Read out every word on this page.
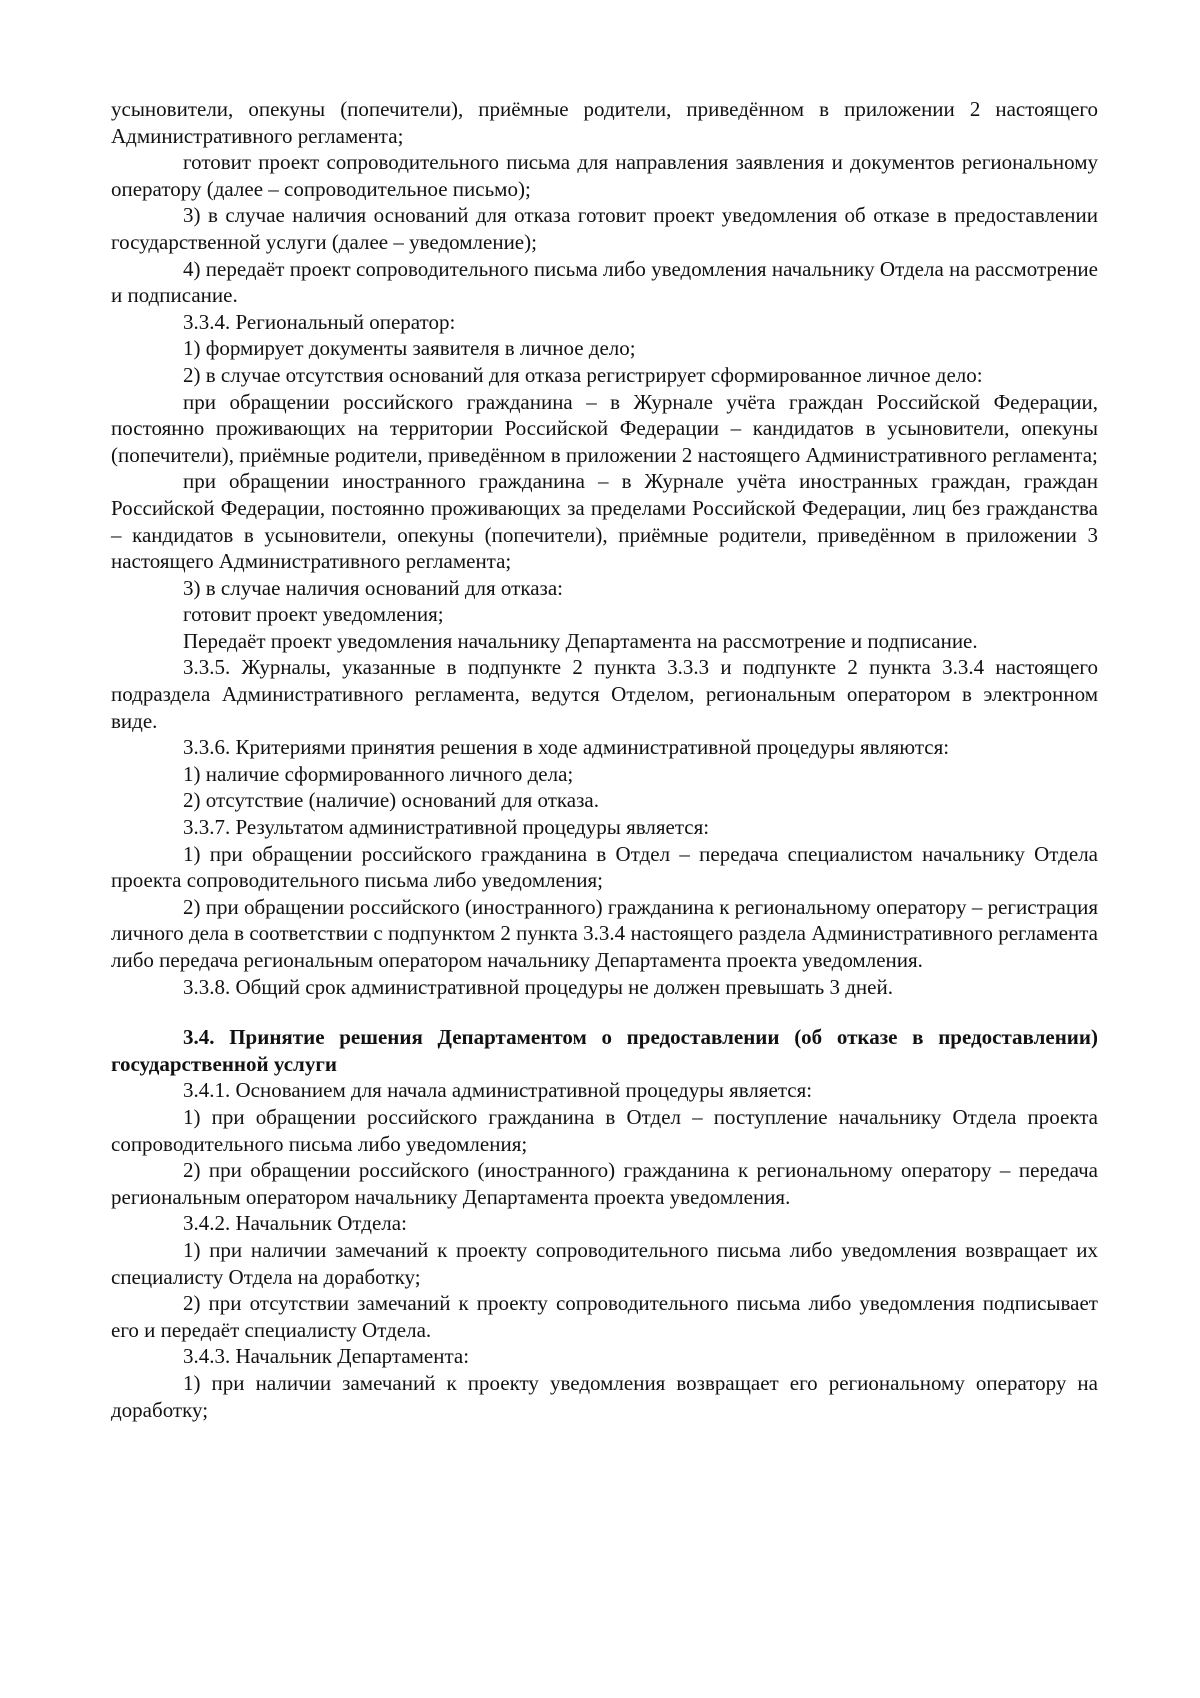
усыновители, опекуны (попечители), приёмные родители, приведённом в приложении 2 настоящего Административного регламента;

готовит проект сопроводительного письма для направления заявления и документов региональному оператору (далее – сопроводительное письмо);

3) в случае наличия оснований для отказа готовит проект уведомления об отказе в предоставлении государственной услуги (далее – уведомление);

4) передаёт проект сопроводительного письма либо уведомления начальнику Отдела на рассмотрение и подписание.

3.3.4. Региональный оператор:

1) формирует документы заявителя в личное дело;

2) в случае отсутствия оснований для отказа регистрирует сформированное личное дело:

при обращении российского гражданина – в Журнале учёта граждан Российской Федерации, постоянно проживающих на территории Российской Федерации – кандидатов в усыновители, опекуны (попечители), приёмные родители, приведённом в приложении 2 настоящего Административного регламента;

при обращении иностранного гражданина – в Журнале учёта иностранных граждан, граждан Российской Федерации, постоянно проживающих за пределами Российской Федерации, лиц без гражданства – кандидатов в усыновители, опекуны (попечители), приёмные родители, приведённом в приложении 3 настоящего Административного регламента;

3) в случае наличия оснований для отказа:

готовит проект уведомления;

Передаёт проект уведомления начальнику Департамента на рассмотрение и подписание.

3.3.5. Журналы, указанные в подпункте 2 пункта 3.3.3 и подпункте 2 пункта 3.3.4 настоящего подраздела Административного регламента, ведутся Отделом, региональным оператором в электронном виде.

3.3.6. Критериями принятия решения в ходе административной процедуры являются:

1) наличие сформированного личного дела;

2) отсутствие (наличие) оснований для отказа.

3.3.7. Результатом административной процедуры является:

1) при обращении российского гражданина в Отдел – передача специалистом начальнику Отдела проекта сопроводительного письма либо уведомления;

2) при обращении российского (иностранного) гражданина к региональному оператору – регистрация личного дела в соответствии с подпунктом 2 пункта 3.3.4 настоящего раздела Административного регламента либо передача региональным оператором начальнику Департамента проекта уведомления.

3.3.8. Общий срок административной процедуры не должен превышать 3 дней.

3.4. Принятие решения Департаментом о предоставлении (об отказе в предоставлении) государственной услуги

3.4.1. Основанием для начала административной процедуры является:

1) при обращении российского гражданина в Отдел – поступление начальнику Отдела проекта сопроводительного письма либо уведомления;

2) при обращении российского (иностранного) гражданина к региональному оператору – передача региональным оператором начальнику Департамента проекта уведомления.

3.4.2. Начальник Отдела:

1) при наличии замечаний к проекту сопроводительного письма либо уведомления возвращает их специалисту Отдела на доработку;

2) при отсутствии замечаний к проекту сопроводительного письма либо уведомления подписывает его и передаёт специалисту Отдела.

3.4.3. Начальник Департамента:

1) при наличии замечаний к проекту уведомления возвращает его региональному оператору на доработку;
